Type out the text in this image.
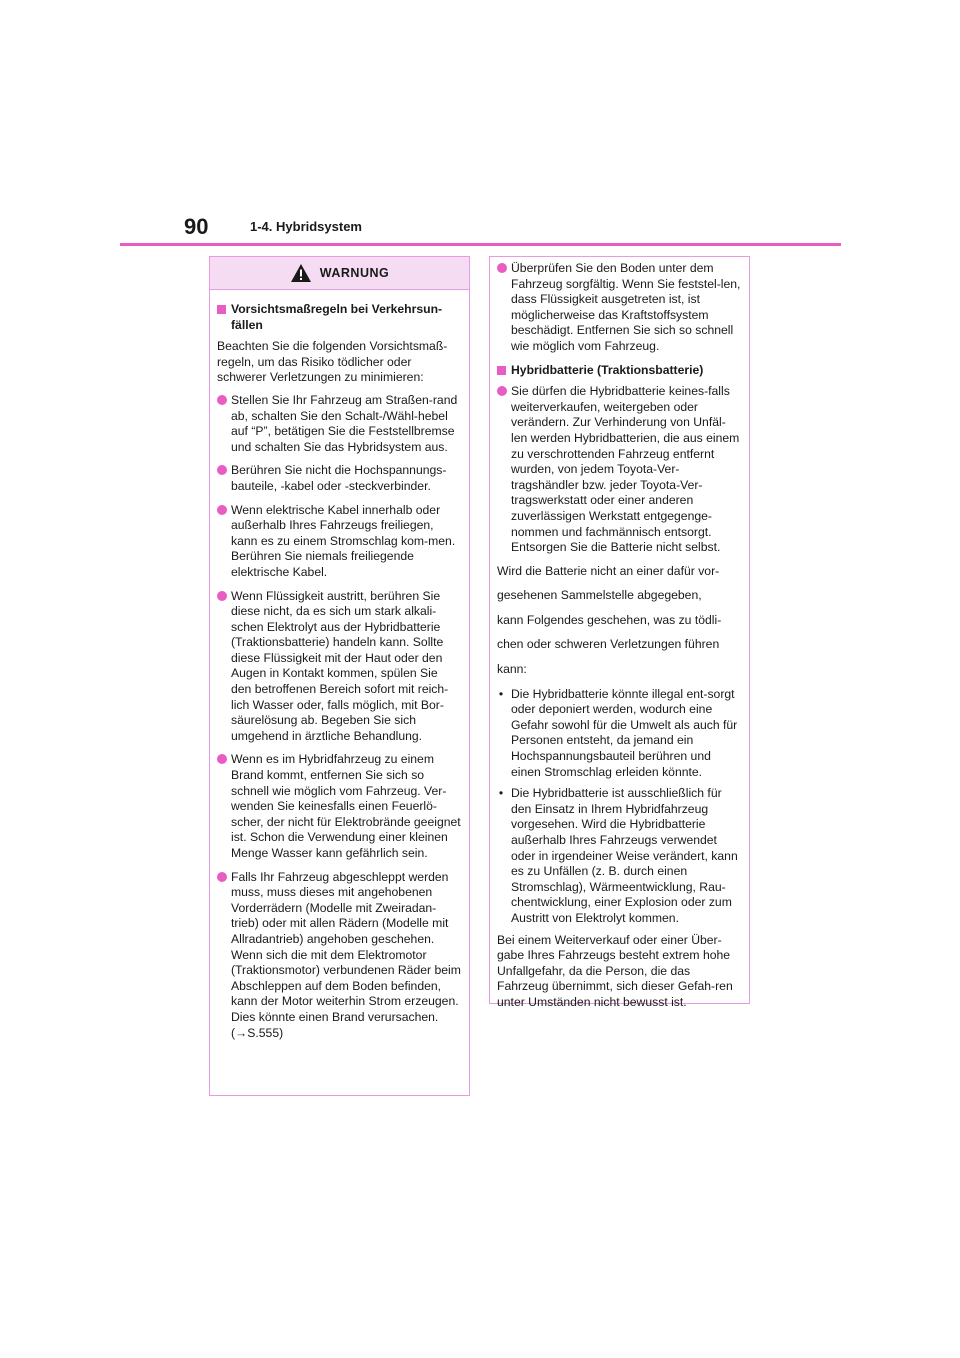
90	1-4. Hybridsystem
WARNUNG
Vorsichtsmaßregeln bei Verkehrsun-fällen

Beachten Sie die folgenden Vorsichtsmaß-regeln, um das Risiko tödlicher oder schwerer Verletzungen zu minimieren:

Stellen Sie Ihr Fahrzeug am Straßen-rand ab, schalten Sie den Schalt-/Wähl-hebel auf “P”, betätigen Sie die Feststellbremse und schalten Sie das Hybridsystem aus.
Berühren Sie nicht die Hochspannungs-bauteile, -kabel oder -steckverbinder.
Wenn elektrische Kabel innerhalb oder außerhalb Ihres Fahrzeugs freiliegen, kann es zu einem Stromschlag kom-men. Berühren Sie niemals freiliegende elektrische Kabel.
Wenn Flüssigkeit austritt, berühren Sie diese nicht, da es sich um stark alkali-schen Elektrolyt aus der Hybridbatterie (Traktionsbatterie) handeln kann. Sollte diese Flüssigkeit mit der Haut oder den Augen in Kontakt kommen, spülen Sie den betroffenen Bereich sofort mit reich-lich Wasser oder, falls möglich, mit Bor-säurelösung ab. Begeben Sie sich umgehend in ärztliche Behandlung.
Wenn es im Hybridfahrzeug zu einem Brand kommt, entfernen Sie sich so schnell wie möglich vom Fahrzeug. Ver-wenden Sie keinesfalls einen Feuerlö-scher, der nicht für Elektrobrände geeignet ist. Schon die Verwendung einer kleinen Menge Wasser kann gefährlich sein.
Falls Ihr Fahrzeug abgeschleppt werden muss, muss dieses mit angehobenen Vorderrädern (Modelle mit Zweiradan-trieb) oder mit allen Rädern (Modelle mit Allradantrieb) angehoben geschehen. Wenn sich die mit dem Elektromotor (Traktionsmotor) verbundenen Räder beim Abschleppen auf dem Boden befinden, kann der Motor weiterhin Strom erzeugen. Dies könnte einen Brand verursachen. (→S.555)
Überprüfen Sie den Boden unter dem Fahrzeug sorgfältig. Wenn Sie feststel-len, dass Flüssigkeit ausgetreten ist, ist möglicherweise das Kraftstoffsystem beschädigt. Entfernen Sie sich so schnell wie möglich vom Fahrzeug.
Hybridbatterie (Traktionsbatterie)
Sie dürfen die Hybridbatterie keines-falls weiterverkaufen, weitergeben oder verändern. Zur Verhinderung von Unfäl-len werden Hybridbatterien, die aus einem zu verschrottenden Fahrzeug entfernt wurden, von jedem Toyota-Ver-tragshändler bzw. jeder Toyota-Ver-tragswerkstatt oder einer anderen zuverlässigen Werkstatt entgegenge-nommen und fachmännisch entsorgt. Entsorgen Sie die Batterie nicht selbst.
Wird die Batterie nicht an einer dafür vor-
gesehenen Sammelstelle abgegeben,
kann Folgendes geschehen, was zu tödli-
chen oder schweren Verletzungen führen
kann:
• Die Hybridbatterie könnte illegal ent-sorgt oder deponiert werden, wodurch eine Gefahr sowohl für die Umwelt als auch für Personen entsteht, da jemand ein Hochspannungsbauteil berühren und einen Stromschlag erleiden könnte.
• Die Hybridbatterie ist ausschließlich für den Einsatz in Ihrem Hybridfahrzeug vorgesehen. Wird die Hybridbatterie außerhalb Ihres Fahrzeugs verwendet oder in irgendeiner Weise verändert, kann es zu Unfällen (z. B. durch einen Stromschlag), Wärmeentwicklung, Rau-chentwicklung, einer Explosion oder zum Austritt von Elektrolyt kommen.

Bei einem Weiterverkauf oder einer Über-gabe Ihres Fahrzeugs besteht extrem hohe Unfallgefahr, da die Person, die das Fahrzeug übernimmt, sich dieser Gefah-ren unter Umständen nicht bewusst ist.
